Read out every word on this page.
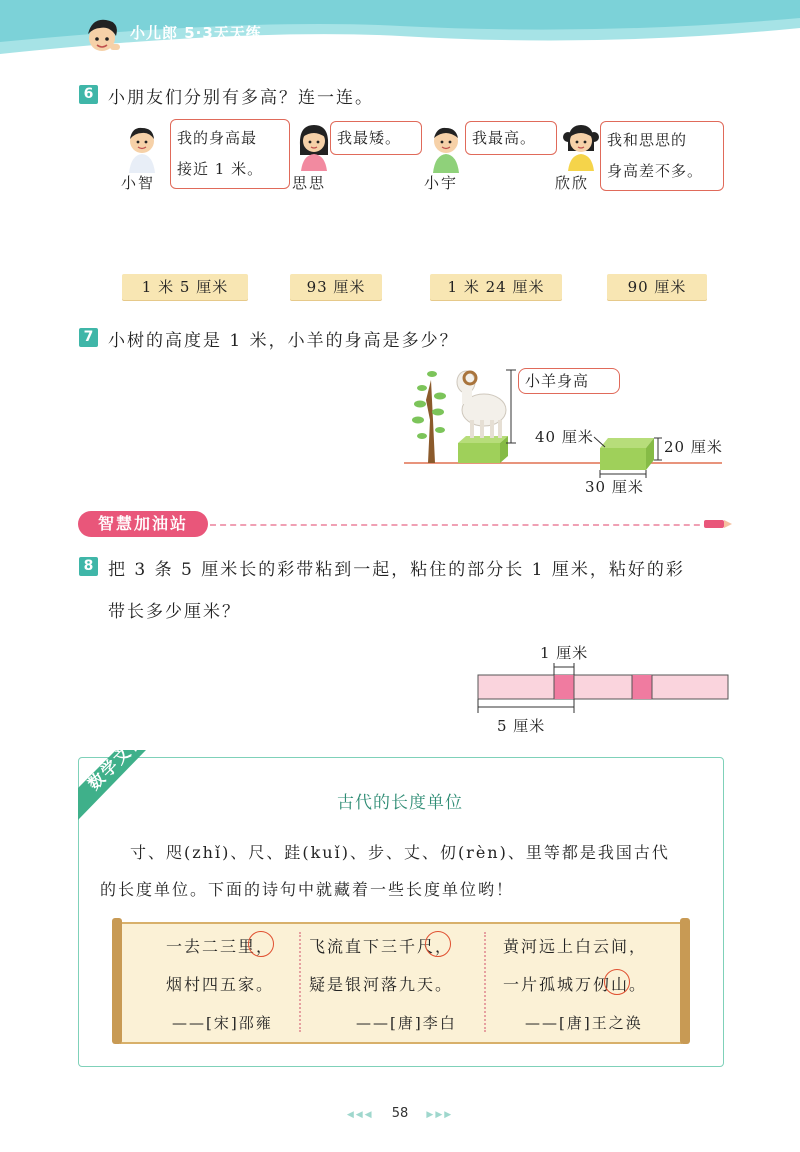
小儿郎 5·3天天练
6 小朋友们分别有多高？连一连。
小智
我的身高最
接近 1 米。
思思
我最矮。
小宇
我最高。
欣欣
我和思思的
身高差不多。
1 米 5 厘米	93 厘米	1 米 24 厘米	90 厘米
7 小树的高度是 1 米，小羊的身高是多少？
小羊身高
40 厘米
20 厘米
30 厘米
智慧加油站
8 把 3 条 5 厘米长的彩带粘到一起，粘住的部分长 1 厘米，粘好的彩
带长多少厘米？
1 厘米
5 厘米
数学文化
古代的长度单位
寸、咫(zhǐ)、尺、跬(kuǐ)、步、丈、仞(rèn)、里等都是我国古代
的长度单位。下面的诗句中就藏着一些长度单位哟！
一去二三里，
烟村四五家。
——[宋]邵雍
飞流直下三千尺，
疑是银河落九天。
——[唐]李白
黄河远上白云间，
一片孤城万仞山。
——[唐]王之涣
◀◀◀ 58 ▶▶▶
